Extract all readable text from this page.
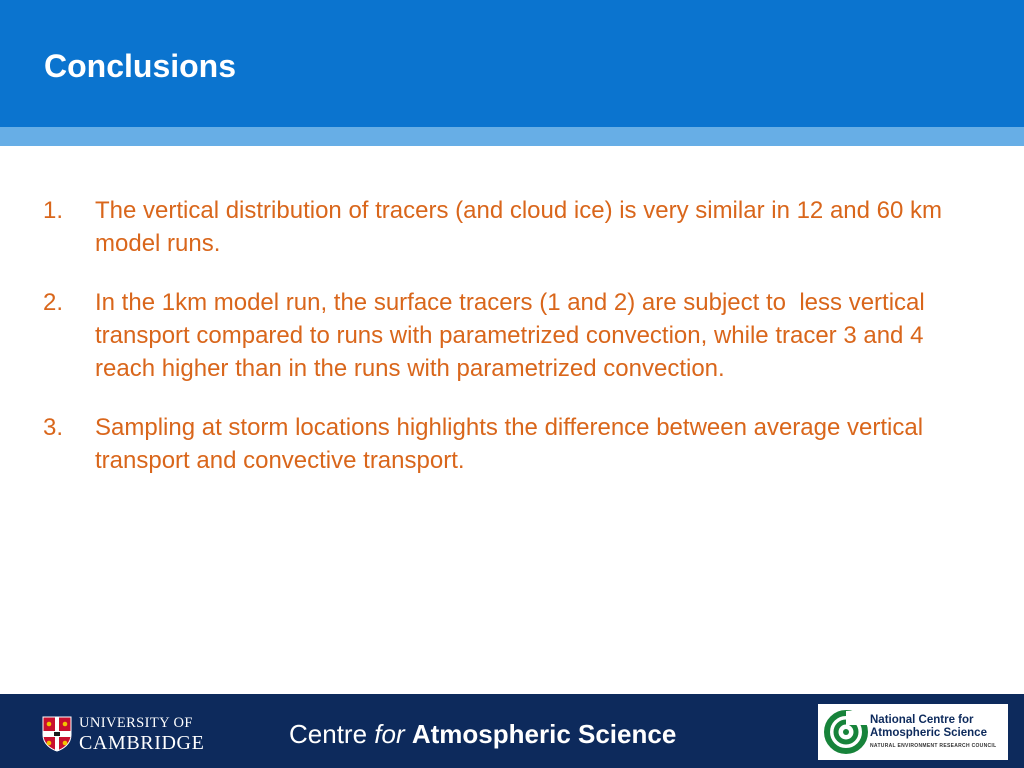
Conclusions
1.	The vertical distribution of tracers (and cloud ice) is very similar in 12 and 60 km model runs.
2.	In the 1km model run, the surface tracers (1 and 2) are subject to  less vertical transport compared to runs with parametrized convection, while tracer 3 and 4 reach higher than in the runs with parametrized convection.
3.	Sampling at storm locations highlights the difference between average vertical transport and convective transport.
UNIVERSITY OF
CAMBRIDGE	Centre for Atmospheric Science	National Centre for
Atmospheric Science
NATURAL ENVIRONMENT RESEARCH COUNCIL
